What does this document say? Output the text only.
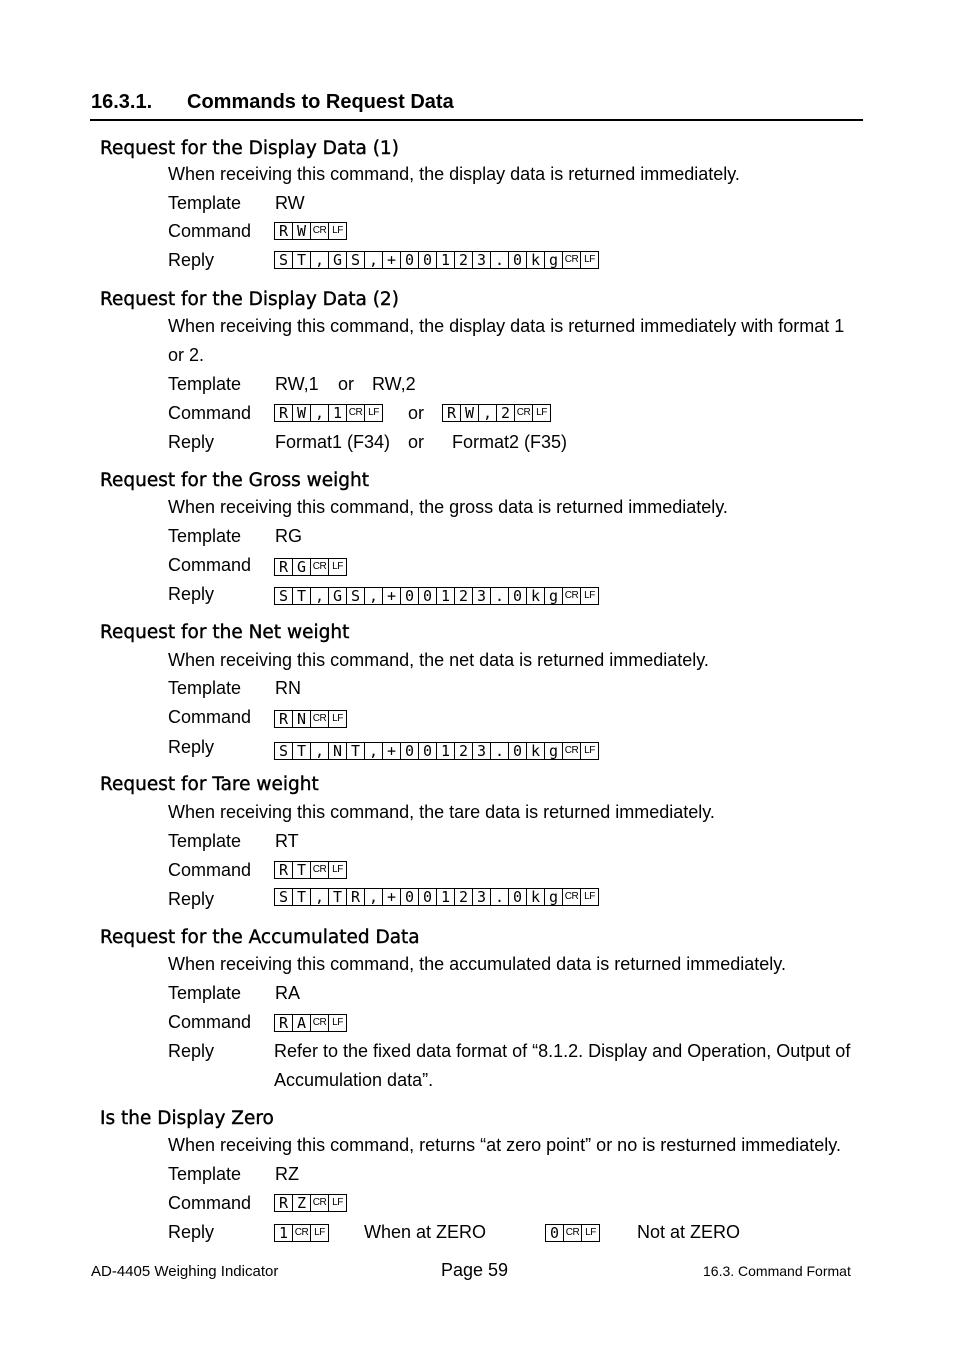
16.3.1. Commands to Request Data
Request for the Display Data (1)
When receiving this command, the display data is returned immediately.
Template RW
Command	R W CR LF
Reply	S T , G S , + 0 0 1 2 3 . 0 k g CR LF
Request for the Display Data (2)
When receiving this command, the display data is returned immediately with format 1
or 2.
Template RW,1 or RW,2
Command	R W , 1 CR LF or	R W , 2 CR LF
Reply	Format1 (F34) or Format2 (F35)
Request for the Gross weight
When receiving this command, the gross data is returned immediately.
Template RG
Command	R G CR LF
Reply	S T , G S , + 0 0 1 2 3 . 0 k g CR LF
Request for the Net weight
When receiving this command, the net data is returned immediately.
Template RN
Command	R N CR LF
Reply	S T , N T , + 0 0 1 2 3 . 0 k g CR LF
Request for Tare weight
When receiving this command, the tare data is returned immediately.
Template RT
Command	R T CR LF
Reply	S T , T R , + 0 0 1 2 3 . 0 k g CR LF
Request for the Accumulated Data
When receiving this command, the accumulated data is returned immediately.
Template RA
Command	R A CR LF
Reply	Refer to the fixed data format of “8.1.2. Display and Operation, Output of
Accumulation data”.
Is the Display Zero
When receiving this command, returns “at zero point” or no is resturned immediately.
Template RZ
Command	R Z CR LF
Reply	1 CR LF When at ZERO	0 CR LF Not at ZERO
AD-4405 Weighing Indicator	Page 59	16.3. Command Format
